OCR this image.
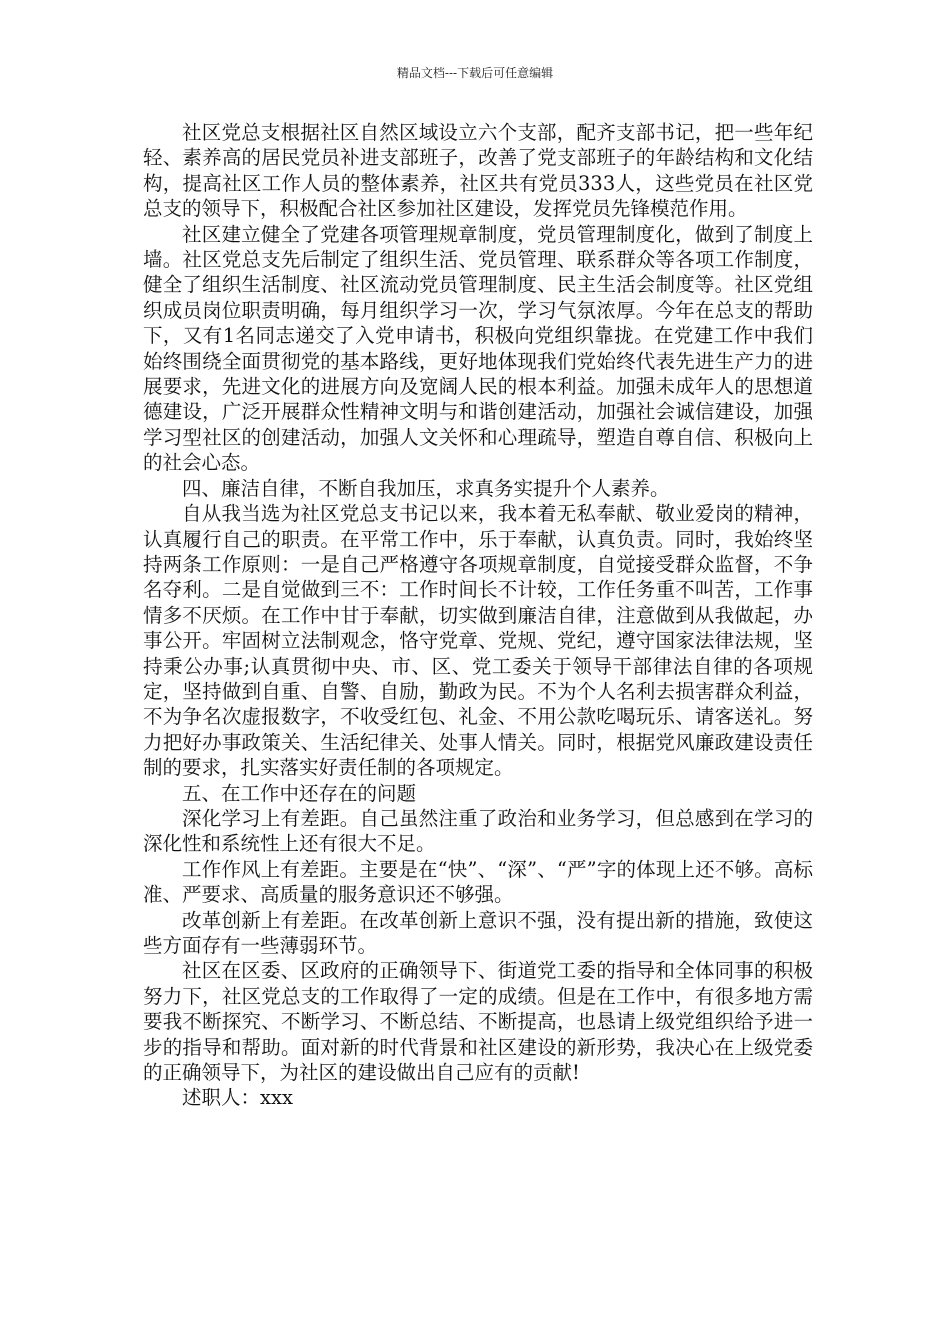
精品文档---下载后可任意编辑

社区党总支根据社区自然区域设立六个支部，配齐支部书记，把一些年纪轻、素养高的居民党员补进支部班子，改善了党支部班子的年龄结构和文化结构，提高社区工作人员的整体素养，社区共有党员333人，这些党员在社区党总支的领导下，积极配合社区参加社区建设，发挥党员先锋模范作用。

社区建立健全了党建各项管理规章制度，党员管理制度化，做到了制度上墙。社区党总支先后制定了组织生活、党员管理、联系群众等各项工作制度，健全了组织生活制度、社区流动党员管理制度、民主生活会制度等。社区党组织成员岗位职责明确，每月组织学习一次，学习气氛浓厚。今年在总支的帮助下，又有1名同志递交了入党申请书，积极向党组织靠拢。在党建工作中我们始终围绕全面贯彻党的基本路线，更好地体现我们党始终代表先进生产力的进展要求，先进文化的进展方向及宽阔人民的根本利益。加强未成年人的思想道德建设，广泛开展群众性精神文明与和谐创建活动，加强社会诚信建设，加强学习型社区的创建活动，加强人文关怀和心理疏导，塑造自尊自信、积极向上的社会心态。

四、廉洁自律，不断自我加压，求真务实提升个人素养。

自从我当选为社区党总支书记以来，我本着无私奉献、敬业爱岗的精神，认真履行自己的职责。在平常工作中，乐于奉献，认真负责。同时，我始终坚持两条工作原则：一是自己严格遵守各项规章制度，自觉接受群众监督，不争名夺利。二是自觉做到三不：工作时间长不计较，工作任务重不叫苦，工作事情多不厌烦。在工作中甘于奉献，切实做到廉洁自律，注意做到从我做起，办事公开。牢固树立法制观念，恪守党章、党规、党纪，遵守国家法律法规，坚持秉公办事;认真贯彻中央、市、区、党工委关于领导干部律法自律的各项规定，坚持做到自重、自警、自励，勤政为民。不为个人名利去损害群众利益，不为争名次虚报数字，不收受红包、礼金、不用公款吃喝玩乐、请客送礼。努力把好办事政策关、生活纪律关、处事人情关。同时，根据党风廉政建设责任制的要求，扎实落实好责任制的各项规定。

五、在工作中还存在的问题

深化学习上有差距。自己虽然注重了政治和业务学习，但总感到在学习的深化性和系统性上还有很大不足。

工作作风上有差距。主要是在“快”、“深”、“严”字的体现上还不够。高标准、严要求、高质量的服务意识还不够强。

改革创新上有差距。在改革创新上意识不强，没有提出新的措施，致使这些方面存有一些薄弱环节。

社区在区委、区政府的正确领导下、街道党工委的指导和全体同事的积极努力下，社区党总支的工作取得了一定的成绩。但是在工作中，有很多地方需要我不断探究、不断学习、不断总结、不断提高，也恳请上级党组织给予进一步的指导和帮助。面对新的时代背景和社区建设的新形势，我决心在上级党委的正确领导下，为社区的建设做出自己应有的贡献!

述职人：xxx
